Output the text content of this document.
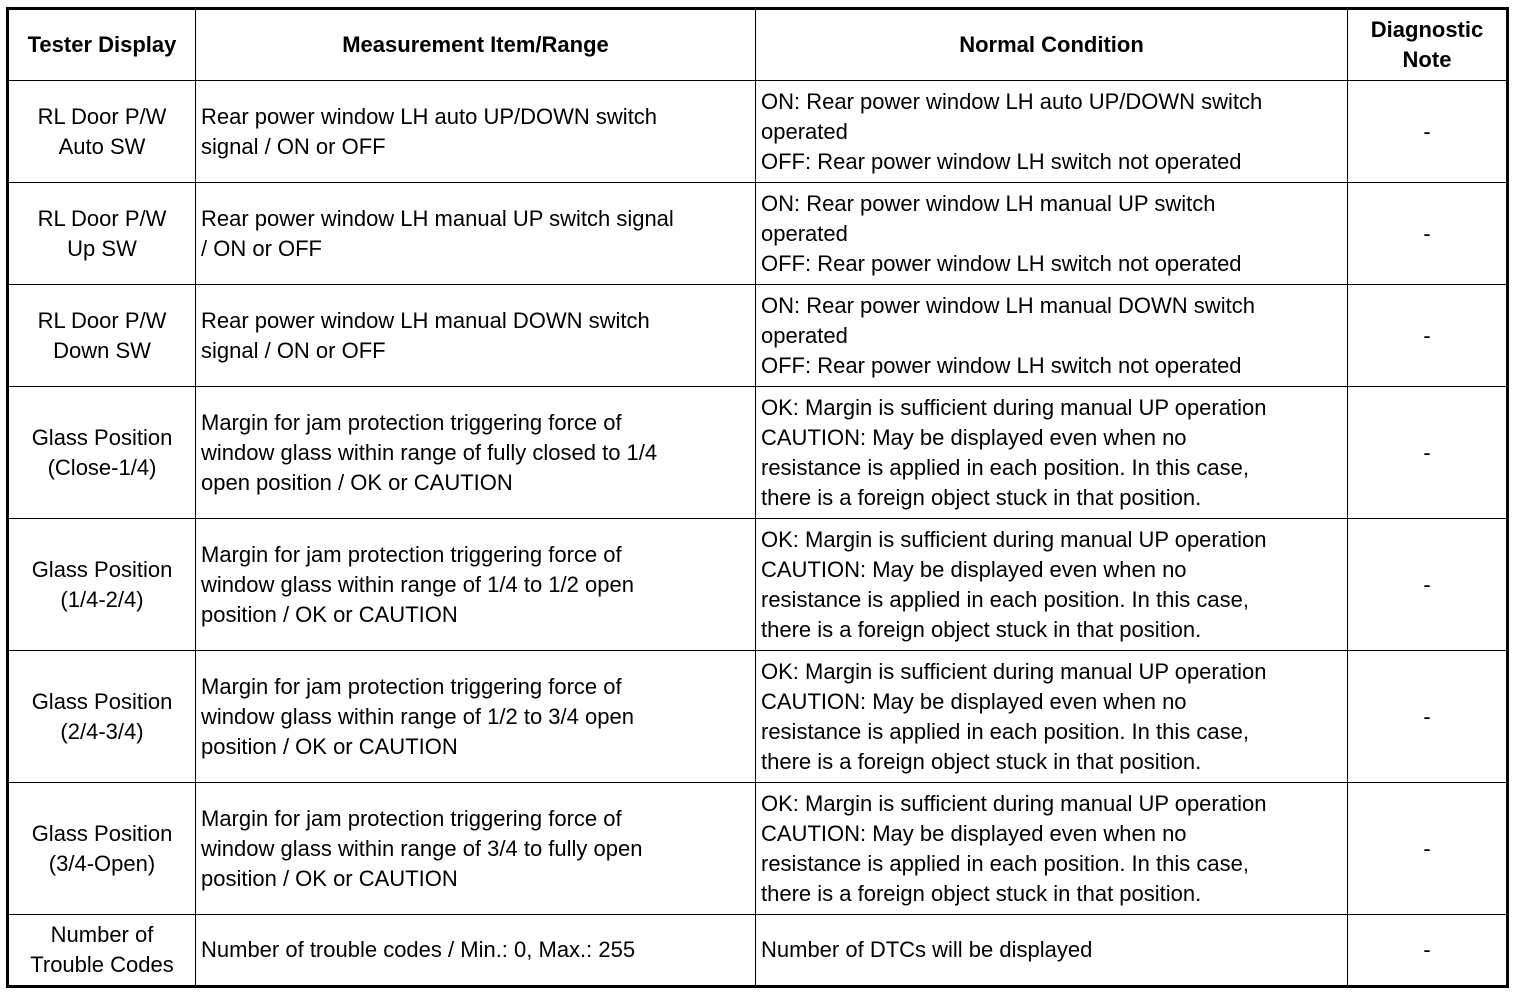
Tester Display	Measurement Item/Range	Normal Condition	Diagnostic
Note
RL Door P/W
Auto SW	Rear power window LH auto UP/DOWN switch
signal / ON or OFF	ON: Rear power window LH auto UP/DOWN switch
operated
OFF: Rear power window LH switch not operated	-
RL Door P/W
Up SW	Rear power window LH manual UP switch signal
/ ON or OFF	ON: Rear power window LH manual UP switch
operated
OFF: Rear power window LH switch not operated	-
RL Door P/W
Down SW	Rear power window LH manual DOWN switch
signal / ON or OFF	ON: Rear power window LH manual DOWN switch
operated
OFF: Rear power window LH switch not operated	-
Glass Position
(Close-1/4)	Margin for jam protection triggering force of
window glass within range of fully closed to 1/4
open position / OK or CAUTION	OK: Margin is sufficient during manual UP operation
CAUTION: May be displayed even when no
resistance is applied in each position. In this case,
there is a foreign object stuck in that position.	-
Glass Position
(1/4-2/4)	Margin for jam protection triggering force of
window glass within range of 1/4 to 1/2 open
position / OK or CAUTION	OK: Margin is sufficient during manual UP operation
CAUTION: May be displayed even when no
resistance is applied in each position. In this case,
there is a foreign object stuck in that position.	-
Glass Position
(2/4-3/4)	Margin for jam protection triggering force of
window glass within range of 1/2 to 3/4 open
position / OK or CAUTION	OK: Margin is sufficient during manual UP operation
CAUTION: May be displayed even when no
resistance is applied in each position. In this case,
there is a foreign object stuck in that position.	-
Glass Position
(3/4-Open)	Margin for jam protection triggering force of
window glass within range of 3/4 to fully open
position / OK or CAUTION	OK: Margin is sufficient during manual UP operation
CAUTION: May be displayed even when no
resistance is applied in each position. In this case,
there is a foreign object stuck in that position.	-
Number of
Trouble Codes	Number of trouble codes / Min.: 0, Max.: 255	Number of DTCs will be displayed	-
